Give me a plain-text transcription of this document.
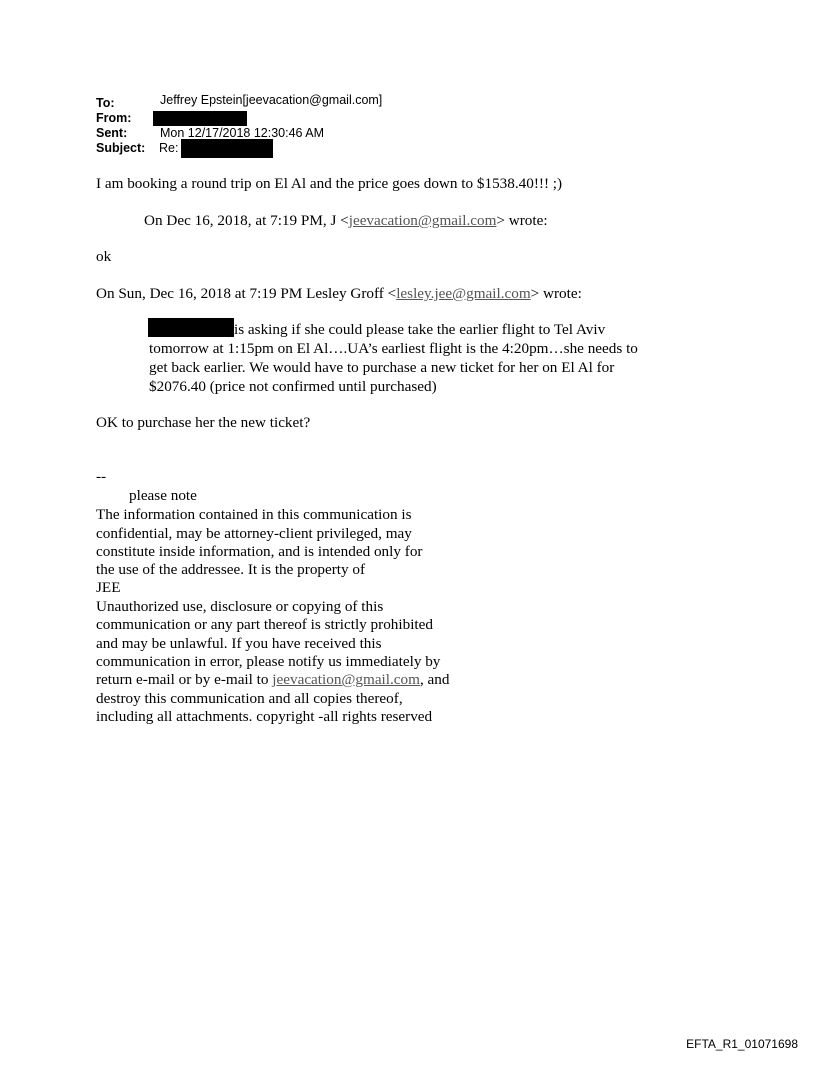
To:	Jeffrey Epstein[jeevacation@gmail.com]
From:
Sent:	Mon 12/17/2018 12:30:46 AM
Subject:	Re: /
I am booking a round trip on El Al and the price goes down to $1538.40!!! ;)
On Dec 16, 2018, at 7:19 PM, J <jeevacation@gmail.com> wrote:
ok
On Sun, Dec 16, 2018 at 7:19 PM Lesley Groff <lesley.jee@gmail.com> wrote:
is asking if she could please take the earlier flight to Tel Aviv
tomorrow at 1:15pm on El Al….UA’s earliest flight is the 4:20pm…she needs to
get back earlier. We would have to purchase a new ticket for her on El Al for
$2076.40 (price not confirmed until purchased)
OK to purchase her the new ticket?
--
please note
The information contained in this communication is
confidential, may be attorney-client privileged, may
constitute inside information, and is intended only for
the use of the addressee. It is the property of
JEE
Unauthorized use, disclosure or copying of this
communication or any part thereof is strictly prohibited
and may be unlawful. If you have received this
communication in error, please notify us immediately by
return e-mail or by e-mail to jeevacation@gmail.com, and
destroy this communication and all copies thereof,
including all attachments. copyright -all rights reserved
EFTA_R1_01071698
